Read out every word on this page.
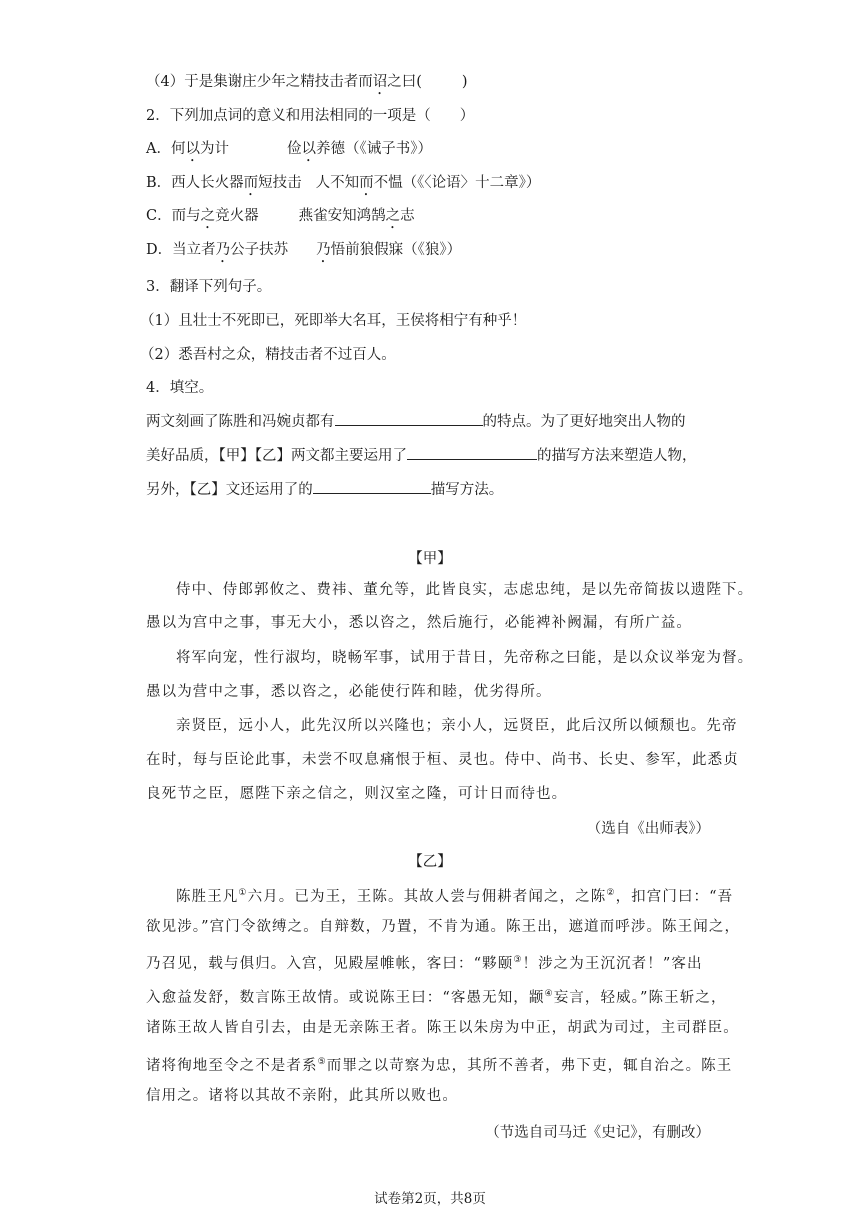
（4）于是集谢庄少年之精技击者而诏之曰(	)
2．下列加点词的意义和用法相同的一项是（　　）
A．何以为计	俭以养德（《诫子书》）
B．西人长火器而短技击 人不知而不愠（《〈论语〉十二章》）
C．而与之竞火器	燕雀安知鸿鹄之志
D．当立者乃公子扶苏 乃悟前狼假寐（《狼》）
3．翻译下列句子。
（1）且壮士不死即已，死即举大名耳，王侯将相宁有种乎！
（2）悉吾村之众，精技击者不过百人。
4．填空。
两文刻画了陈胜和冯婉贞都有	的特点。为了更好地突出人物的
美好品质，【甲】【乙】两文都主要运用了	的描写方法来塑造人物，
另外，【乙】文还运用了的	描写方法。
【甲】
侍中、侍郎郭攸之、费祎、董允等，此皆良实，志虑忠纯，是以先帝简拔以遗陛下。
愚以为宫中之事，事无大小，悉以咨之，然后施行，必能裨补阙漏，有所广益。
将军向宠，性行淑均，晓畅军事，试用于昔日，先帝称之曰能，是以众议举宠为督。
愚以为营中之事，悉以咨之，必能使行阵和睦，优劣得所。
亲贤臣，远小人，此先汉所以兴隆也；亲小人，远贤臣，此后汉所以倾颓也。先帝
在时，每与臣论此事，未尝不叹息痛恨于桓、灵也。侍中、尚书、长史、参军，此悉贞
良死节之臣，愿陛下亲之信之，则汉室之隆，可计日而待也。
（选自《出师表》）
【乙】
陈胜王凡①六月。已为王，王陈。其故人尝与佣耕者闻之，之陈②，扣宫门曰：“吾
欲见涉。”宫门令欲缚之。自辩数，乃置，不肯为通。陈王出，遮道而呼涉。陈王闻之，
乃召见，载与俱归。入宫，见殿屋帷帐，客曰：“夥颐③！涉之为王沉沉者！”客出
入愈益发舒，数言陈王故情。或说陈王曰：“客愚无知，颛④妄言，轻威。”陈王斩之，
诸陈王故人皆自引去，由是无亲陈王者。陈王以朱房为中正，胡武为司过，主司群臣。
诸将徇地至令之不是者系⑤而罪之以苛察为忠，其所不善者，弗下吏，辄自治之。陈王
信用之。诸将以其故不亲附，此其所以败也。
（节选自司马迁《史记》，有删改）
试卷第2页，共8页
